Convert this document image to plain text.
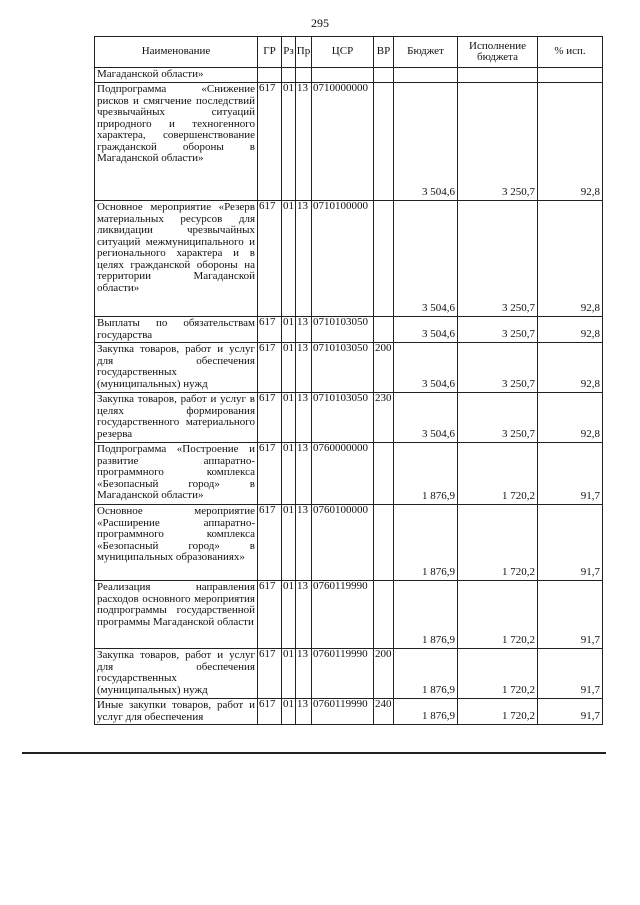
295
Наименование	ГР	Рз	Пр	ЦСР	ВР	Бюджет	Исполнение бюджета	% исп.
Магаданской области»								
Подпрограмма «Снижение рисков и смягчение последствий чрезвычайных ситуаций природного и техногенного характера, совершенствование гражданской обороны в Магаданской области»	617	01	13	0710000000		3 504,6	3 250,7	92,8
Основное мероприятие «Резерв материальных ресурсов для ликвидации чрезвычайных ситуаций межмуниципального и регионального характера и в целях гражданской обороны на территории Магаданской области»	617	01	13	0710100000		3 504,6	3 250,7	92,8
Выплаты по обязательствам государства	617	01	13	0710103050		3 504,6	3 250,7	92,8
Закупка товаров, работ и услуг для обеспечения государственных (муниципальных) нужд	617	01	13	0710103050	200	3 504,6	3 250,7	92,8
Закупка товаров, работ и услуг в целях формирования государственного материального резерва	617	01	13	0710103050	230	3 504,6	3 250,7	92,8
Подпрограмма «Построение и развитие аппаратно-программного комплекса «Безопасный город» в Магаданской области»	617	01	13	0760000000		1 876,9	1 720,2	91,7
Основное мероприятие «Расширение аппаратно-программного комплекса «Безопасный город» в муниципальных образованиях»	617	01	13	0760100000		1 876,9	1 720,2	91,7
Реализация направления расходов основного мероприятия подпрограммы государственной программы Магаданской области	617	01	13	0760119990		1 876,9	1 720,2	91,7
Закупка товаров, работ и услуг для обеспечения государственных (муниципальных) нужд	617	01	13	0760119990	200	1 876,9	1 720,2	91,7
Иные закупки товаров, работ и услуг для обеспечения	617	01	13	0760119990	240	1 876,9	1 720,2	91,7
